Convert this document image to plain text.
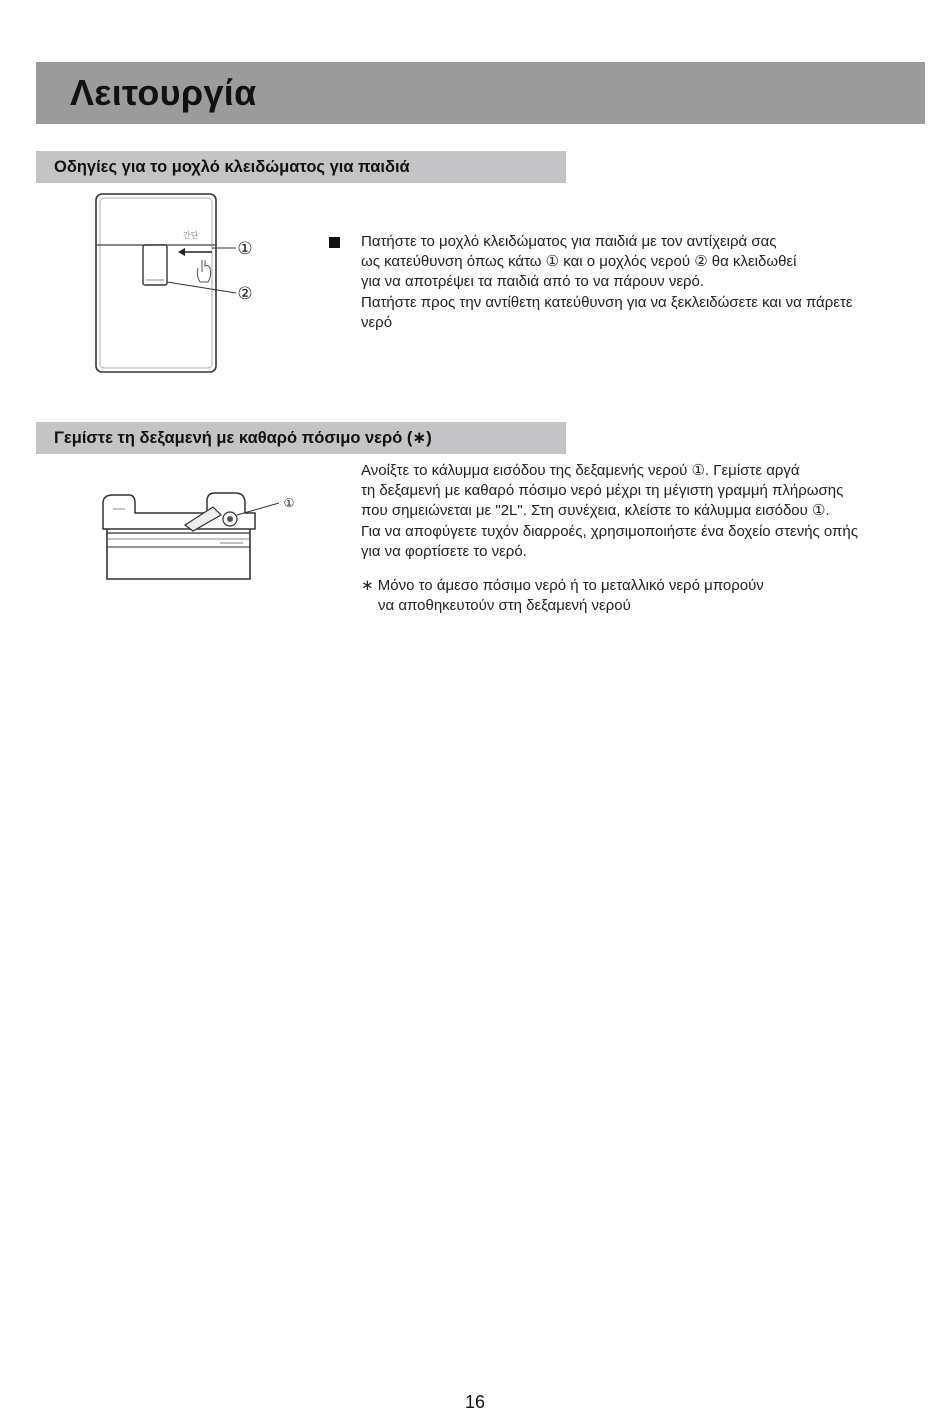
Λειτουργία
Οδηγίες για το μοχλό κλειδώματος για παιδιά
간단
①
②
Πατήστε το μοχλό κλειδώματος για παιδιά με τον αντίχειρά σας
ως κατεύθυνση όπως κάτω ① και ο μοχλός νερού ② θα κλειδωθεί
για να αποτρέψει τα παιδιά από το να πάρουν νερό.
Πατήστε προς την αντίθετη κατεύθυνση για να ξεκλειδώσετε και να πάρετε
νερό
Γεμίστε τη δεξαμενή με καθαρό πόσιμο νερό (∗)
①
Ανοίξτε το κάλυμμα εισόδου της δεξαμενής νερού ①. Γεμίστε αργά
τη δεξαμενή με καθαρό πόσιμο νερό μέχρι τη μέγιστη γραμμή πλήρωσης
που σημειώνεται με "2L". Στη συνέχεια, κλείστε το κάλυμμα εισόδου ①.
Για να αποφύγετε τυχόν διαρροές, χρησιμοποιήστε ένα δοχείο στενής οπής
για να φορτίσετε το νερό.
∗ Μόνο το άμεσο πόσιμο νερό ή το μεταλλικό νερό μπορούν
να αποθηκευτούν στη δεξαμενή νερού
16
